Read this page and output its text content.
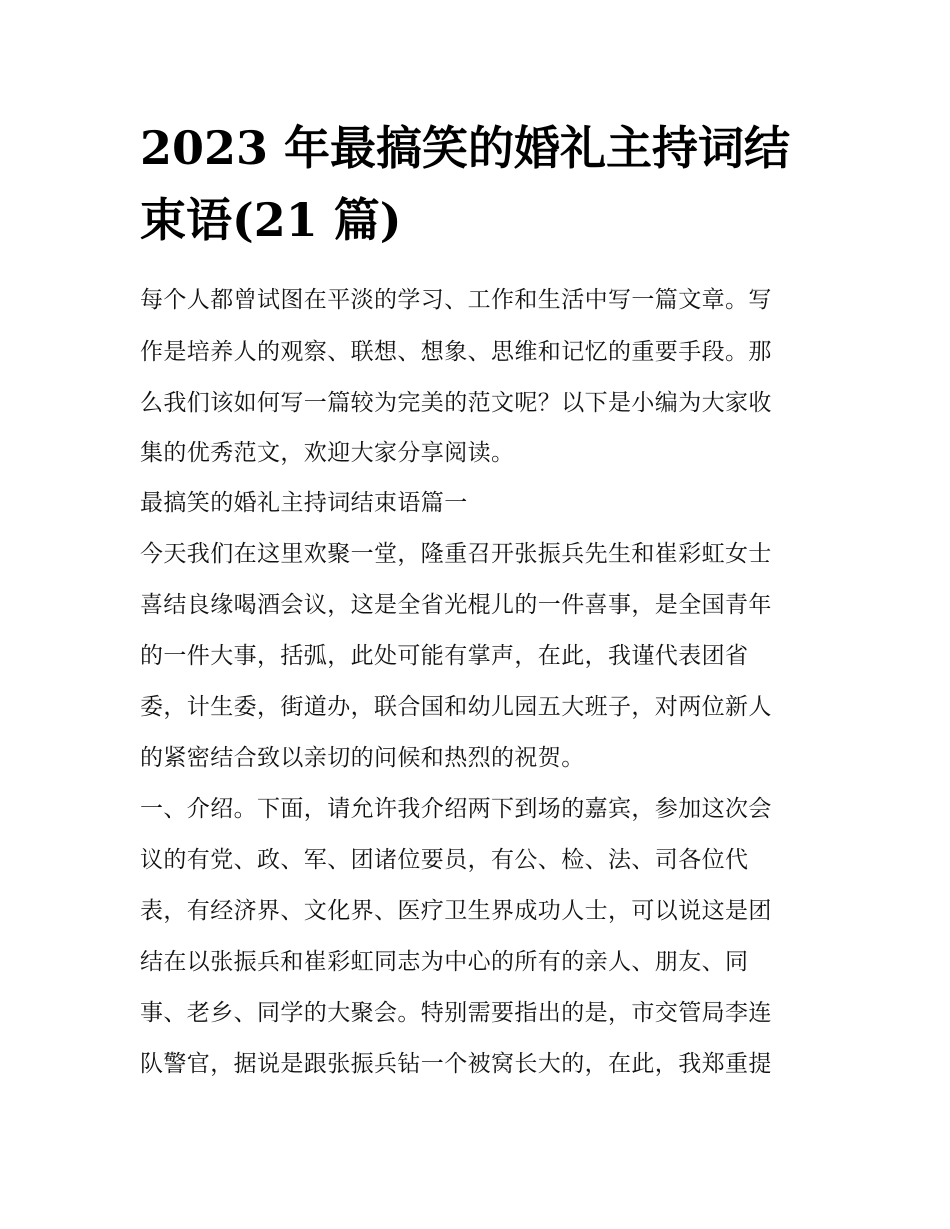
2023 年最搞笑的婚礼主持词结
束语(21 篇)
每个人都曾试图在平淡的学习、工作和生活中写一篇文章。写
作是培养人的观察、联想、想象、思维和记忆的重要手段。那
么我们该如何写一篇较为完美的范文呢？以下是小编为大家收
集的优秀范文，欢迎大家分享阅读。
最搞笑的婚礼主持词结束语篇一
今天我们在这里欢聚一堂，隆重召开张振兵先生和崔彩虹女士
喜结良缘喝酒会议，这是全省光棍儿的一件喜事，是全国青年
的一件大事，括弧，此处可能有掌声，在此，我谨代表团省
委，计生委，街道办，联合国和幼儿园五大班子，对两位新人
的紧密结合致以亲切的问候和热烈的祝贺。
一、介绍。下面，请允许我介绍两下到场的嘉宾，参加这次会
议的有党、政、军、团诸位要员，有公、检、法、司各位代
表，有经济界、文化界、医疗卫生界成功人士，可以说这是团
结在以张振兵和崔彩虹同志为中心的所有的亲人、朋友、同
事、老乡、同学的大聚会。特别需要指出的是，市交管局李连
队警官，据说是跟张振兵钻一个被窝长大的，在此，我郑重提
